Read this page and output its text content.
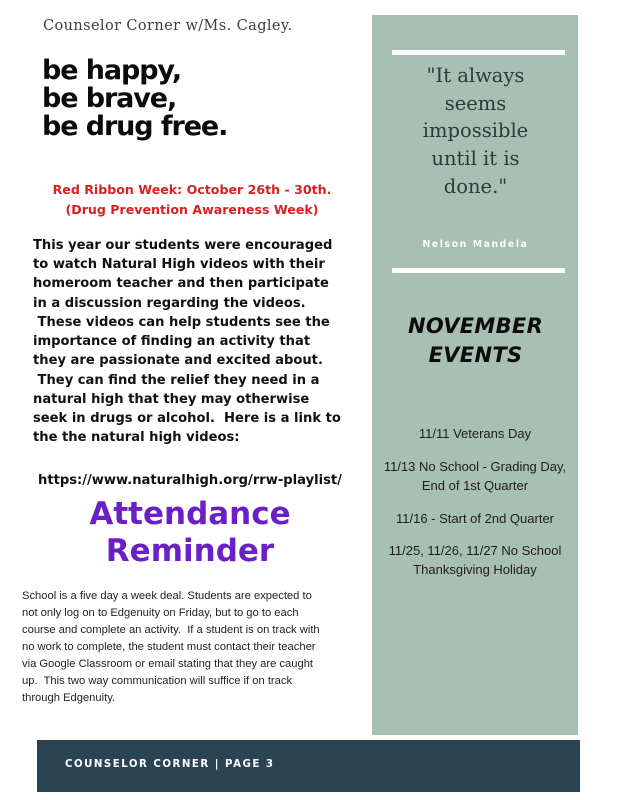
Counselor Corner w/Ms. Cagley.
be happy,
be brave,
be drug free.
Red Ribbon Week: October 26th - 30th.
(Drug Prevention Awareness Week)
This year our students were encouraged
to watch Natural High videos with their
homeroom teacher and then participate
in a discussion regarding the videos.
These videos can help students see the
importance of finding an activity that
they are passionate and excited about.
They can find the relief they need in a
natural high that they may otherwise
seek in drugs or alcohol.  Here is a link to
the the natural high videos:
https://www.naturalhigh.org/rrw-playlist/
Attendance
Reminder
School is a five day a week deal. Students are expected to
not only log on to Edgenuity on Friday, but to go to each
course and complete an activity.  If a student is on track with
no work to complete, the student must contact their teacher
via Google Classroom or email stating that they are caught
up.  This two way communication will suffice if on track
through Edgenuity.
"It always
seems
impossible
until it is
done."
Nelson Mandela
NOVEMBER
EVENTS
11/11 Veterans Day
11/13 No School - Grading Day,
End of 1st Quarter
11/16 - Start of 2nd Quarter
11/25, 11/26, 11/27 No School
Thanksgiving Holiday
COUNSELOR CORNER | PAGE 3
